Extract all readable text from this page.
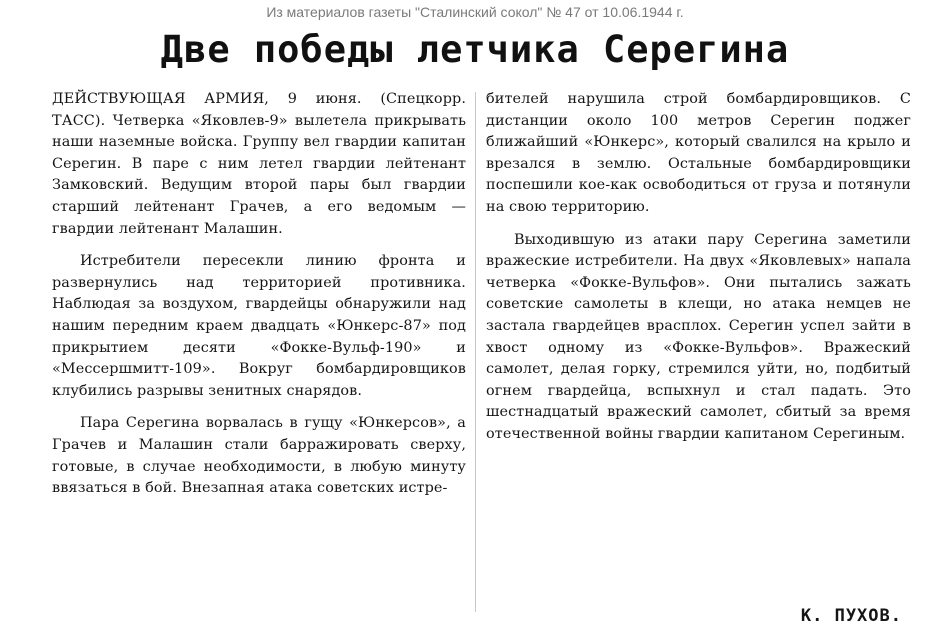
Из материалов газеты "Сталинский сокол" № 47 от 10.06.1944 г.
Две победы летчика Серегина

ДЕЙСТВУЮЩАЯ АРМИЯ, 9 июня. (Спецкорр. ТАСС). Четверка «Яковлев-9» вылетела прикрывать наши наземные войска. Группу вел гвардии капитан Серегин. В паре с ним летел гвардии лейтенант Замковский. Ведущим второй пары был гвардии старший лейтенант Грачев, а его ведомым — гвардии лейтенант Малашин.

Истребители пересекли линию фронта и развернулись над территорией противника. Наблюдая за воздухом, гвардейцы обнаружили над нашим передним краем двадцать «Юнкерс-87» под прикрытием десяти «Фокке-Вульф-190» и «Мессершмитт-109». Вокруг бомбардировщиков клубились разрывы зенитных снарядов.

Пара Серегина ворвалась в гущу «Юнкерсов», а Грачев и Малашин стали барражировать сверху, готовые, в случае необходимости, в любую минуту ввязаться в бой. Внезапная атака советских истре-

бителей нарушила строй бомбардировщиков. С дистанции около 100 метров Серегин поджег ближайший «Юнкерс», который свалился на крыло и врезался в землю. Остальные бомбардировщики поспешили кое-как освободиться от груза и потянули на свою территорию.

Выходившую из атаки пару Серегина заметили вражеские истребители. На двух «Яковлевых» напала четверка «Фокке-Вульфов». Они пытались зажать советские самолеты в клещи, но атака немцев не застала гвардейцев врасплох. Серегин успел зайти в хвост одному из «Фокке-Вульфов». Вражеский самолет, делая горку, стремился уйти, но, подбитый огнем гвардейца, вспыхнул и стал падать. Это шестнадцатый вражеский самолет, сбитый за время отечественной войны гвардии капитаном Серегиным.

К. ПУХОВ.
